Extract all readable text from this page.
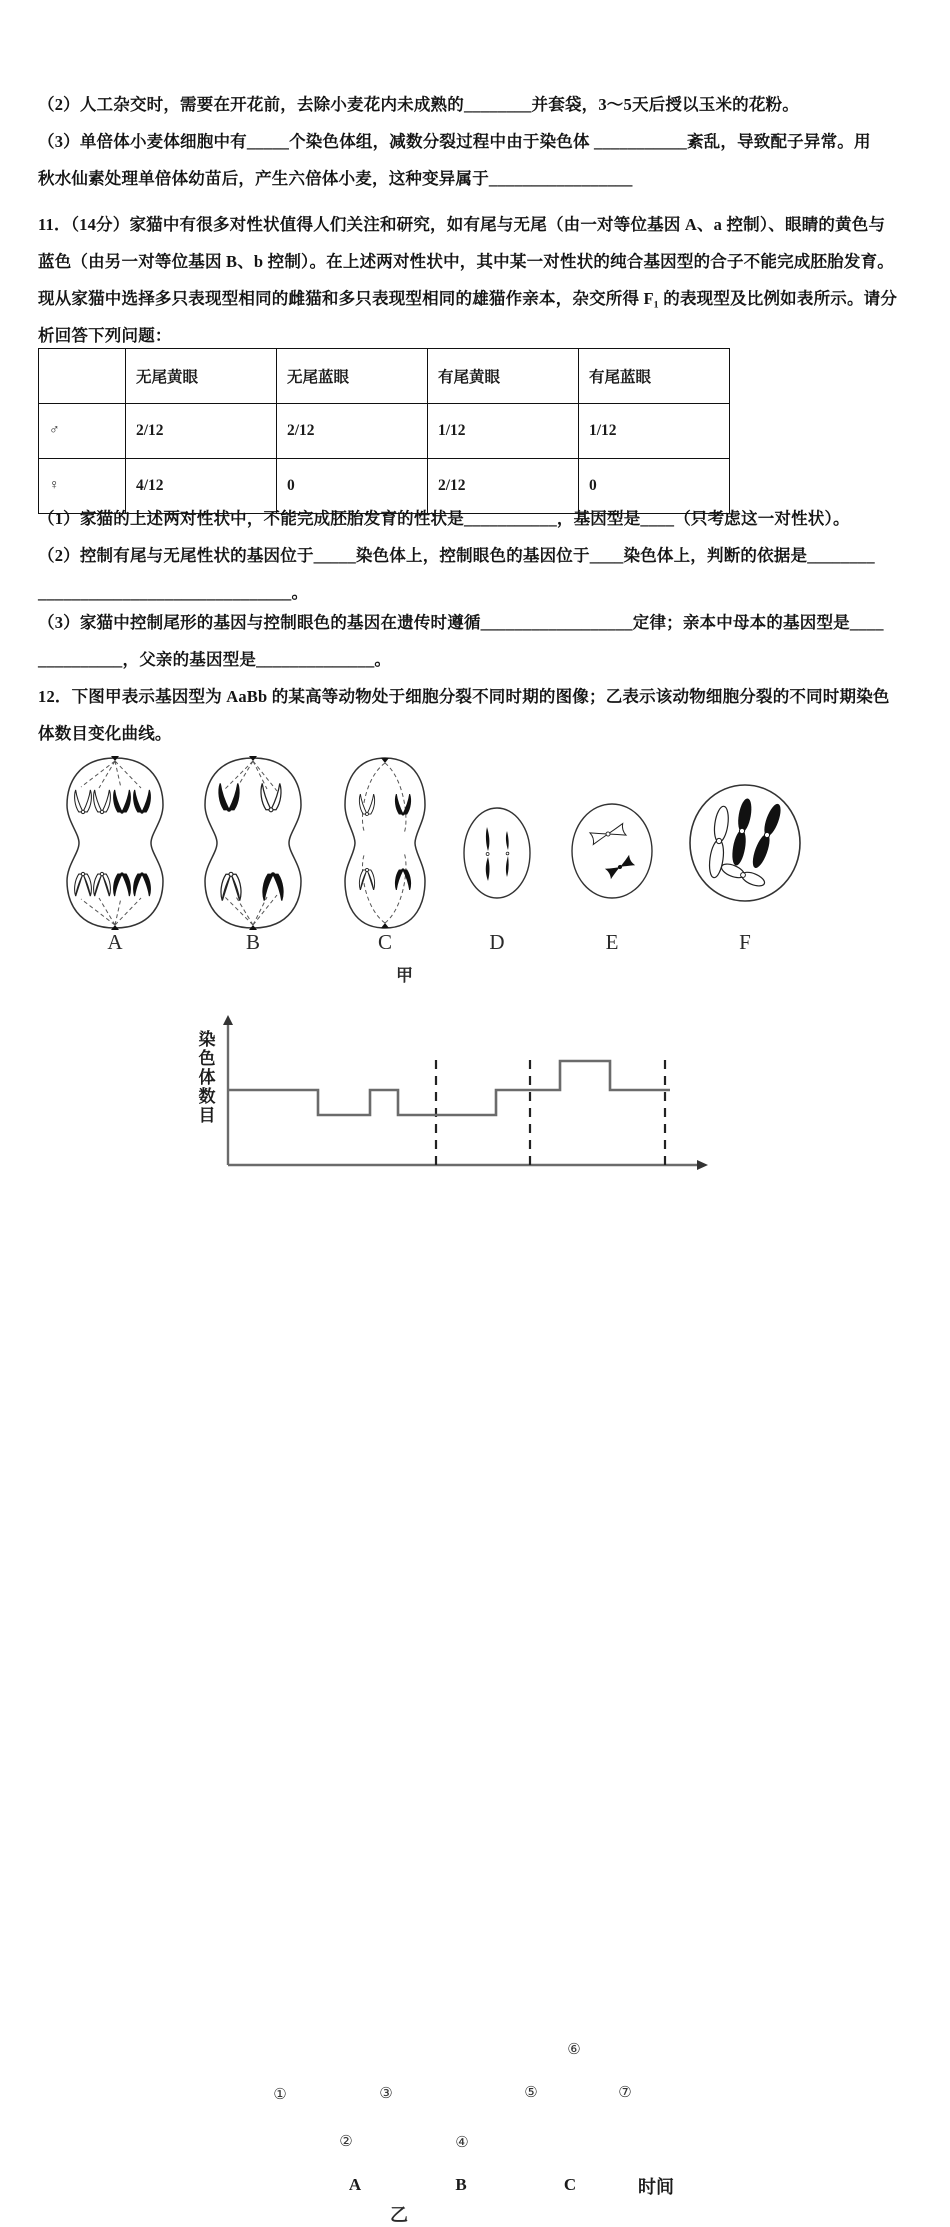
（2）人工杂交时，需要在开花前，去除小麦花内未成熟的________并套袋，3～5天后授以玉米的花粉。
（3）单倍体小麦体细胞中有_____个染色体组，减数分裂过程中由于染色体 ___________紊乱，导致配子异常。用
秋水仙素处理单倍体幼苗后，产生六倍体小麦，这种变异属于_________________
11．（14分）家猫中有很多对性状值得人们关注和研究，如有尾与无尾（由一对等位基因 A、a 控制）、眼睛的黄色与
蓝色（由另一对等位基因 B、b 控制）。在上述两对性状中，其中某一对性状的纯合基因型的合子不能完成胚胎发育。
现从家猫中选择多只表现型相同的雌猫和多只表现型相同的雄猫作亲本，杂交所得 F₁ 的表现型及比例如表所示。请分
析回答下列问题：
	无尾黄眼	无尾蓝眼	有尾黄眼	有尾蓝眼
♂	2/12	2/12	1/12	1/12
♀	4/12	0	2/12	0
（1）家猫的上述两对性状中，不能完成胚胎发育的性状是___________，基因型是____（只考虑这一对性状）。
（2）控制有尾与无尾性状的基因位于_____染色体上，控制眼色的基因位于____染色体上，判断的依据是________
______________________________。
（3）家猫中控制尾形的基因与控制眼色的基因在遗传时遵循__________________定律；亲本中母本的基因型是____
__________，父亲的基因型是______________。
12．下图甲表示基因型为 AaBb 的某高等动物处于细胞分裂不同时期的图像；乙表示该动物细胞分裂的不同时期染色
体数目变化曲线。
A	B	C	D	E	F
甲
染
色
体
数
目
①
②
③
④
⑤
⑥
⑦
A	B	C	时间
乙
